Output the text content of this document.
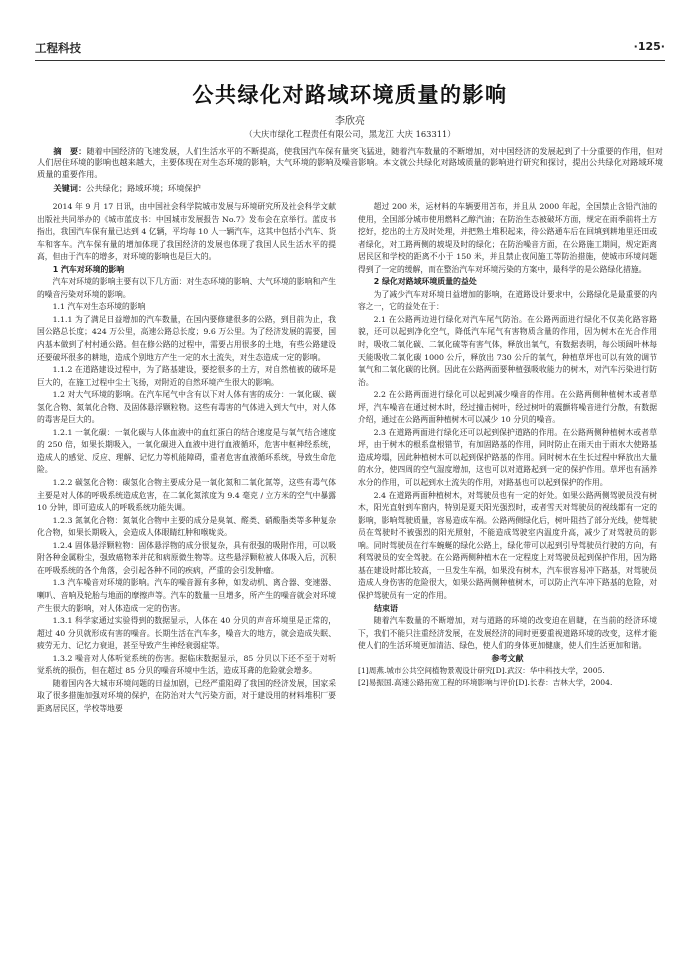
工程科技	·125·
公共绿化对路域环境质量的影响
李欣亮
（大庆市绿化工程责任有限公司，黑龙江 大庆 163311）
摘　要：随着中国经济的飞速发展，人们生活水平的不断提高，使我国汽车保有量突飞猛进，随着汽车数量的不断增加，对中国经济的发展起到了十分重要的作用，但对人们居住环境的影响也越来越大，主要体现在对生态环境的影响，大气环境的影响及噪音影响。本文就公共绿化对路域质量的影响进行研究和探讨，提出公共绿化对路域环境质量的重要作用。
关键词：公共绿化；路域环境；环境保护

2014 年 9 月 17 日讯，由中国社会科学院城市发展与环境研究所及社会科学文献出版社共同举办的《城市蓝皮书：中国城市发展报告 No.7》发布会在京举行。蓝皮书指出，我国汽车保有量已达到 4 亿辆，平均每 10 人一辆汽车，这其中包括小汽车、货车和客车。汽车保有量的增加体现了我国经济的发展也体现了我国人民生活水平的提高，但由于汽车的增多，对环境的影响也是巨大的。

1 汽车对环境的影响

汽车对环境的影响主要有以下几方面：对生态环境的影响、大气环境的影响和产生的噪音污染对环境的影响。

1.1 汽车对生态环境的影响

1.1.1 为了满足日益增加的汽车数量，在国内要修建很多的公路，到目前为止，我国公路总长度；424 万公里，高速公路总长度；9.6 万公里。为了经济发展的需要，国内基本做到了村村通公路。但在修公路的过程中，需要占用很多的土地，有些公路建设还要破坏很多的耕地，造成个别地方产生一定的水土流失，对生态造成一定的影响。

1.1.2 在道路建设过程中，为了路基建设，要挖很多的土方，对自然植被的破坏是巨大的，在施工过程中尘土飞扬，对附近的自然环境产生很大的影响。

1.2 对大气环境的影响。在汽车尾气中含有以下对人体有害的成分：一氧化碳、碳氢化合物、氮氧化合物、及固体悬浮颗粒物。这些有毒害的气体进入到大气中，对人体的毒害是巨大的。

1.2.1 一氧化碳：一氧化碳与人体血液中的血红蛋白的结合速度是与氧气结合速度的 250 倍，如果长期吸入，一氧化碳进入血液中进行血液循环，危害中枢神经系统，造成人的感觉、反应、理解、记忆力等机能障碍，重者危害血液循环系统，导致生命危险。

1.2.2 碳氢化合物：碳氢化合物主要成分是一氧化氮和二氧化氮等，这些有毒气体主要是对人体的呼吸系统造成危害，在二氧化氮浓度为 9.4 毫克 / 立方米的空气中暴露 10 分钟，即可造成人的呼吸系统功能失调。

1.2.3 氮氧化合物：氮氧化合物中主要的成分是臭氧、醛类、硝酸脂类等多种复杂化合物，如果长期吸入，会造成人体眼睛红肿和喉咙炎。

1.2.4 固体悬浮颗粒物：固体悬浮物的成分很复杂，具有很强的吸附作用，可以吸附各种金属粉尘，强致癌物苯并芘和病原微生物等。这些悬浮颗粒被人体吸入后，沉积在呼吸系统的各个角落，会引起各种不同的疾病，严重的会引发肿瘤。

1.3 汽车噪音对环境的影响。汽车的噪音源有多种，如发动机、离合器、变速器、喇叭、音响及轮胎与地面的摩擦声等。汽车的数量一旦增多，所产生的噪音就会对环境产生很大的影响，对人体造成一定的伤害。

1.3.1 科学家通过实验得到的数据显示，人体在 40 分贝的声音环境里是正常的，超过 40 分贝就形成有害的噪音。长期生活在汽车多，噪音大的地方，就会造成失眠、疲劳无力、记忆力衰退，甚至导致产生神经衰弱症等。

1.3.2 噪音对人体听觉系统的伤害。据临床数据显示，85 分贝以下还不至于对听觉系统的损伤，但在超过 85 分贝的噪音环境中生活，造成耳聋的危险就会增多。

随着国内各大城市环境问题的日益加剧，已经严重阻碍了我国的经济发展，国家采取了很多措施加强对环境的保护，在防治对大气污染方面，对于建设用的材料堆积厂要距离居民区，学校等地要

超过 200 米，运材料的车辆要用苫布，并且从 2000 年起，全国禁止含铅汽油的使用，全国部分城市使用燃料乙醇汽油；在防治生态被破坏方面，规定在雨季前将土方挖好，挖出的土方及时处理，并把熟土堆积起来，待公路通车后在回填到耕地里还田或者绿化，对工路两侧的坡堤及时的绿化；在防治噪音方面，在公路施工期间，规定距离居民区和学校的距离不小于 150 米，并且禁止夜间施工等防治措施，使城市环境问题得到了一定的缓解，而在整治汽车对环境污染的方案中，最科学的是公路绿化措施。

2 绿化对路域环境质量的益处

为了减少汽车对环境日益增加的影响，在道路设计要求中，公路绿化是最重要的内容之一，它的益处在于：

2.1 在公路两边进行绿化对汽车尾气防治。在公路两面进行绿化不仅美化路容路貌，还可以起到净化空气，降低汽车尾气有害物质含量的作用，因为树木在光合作用时，吸收二氧化碳、二氧化硫等有害气体，释放出氧气，有数据表明，每公顷阔叶林每天能吸收二氧化碳 1000 公斤，释放出 730 公斤的氧气，种植草坪也可以有效的调节氧气和二氧化碳的比例。因此在公路两面要种植强吸收能力的树木，对汽车污染进行防治。

2.2 在公路两面进行绿化可以起到减少噪音的作用。在公路两侧种植树木或者草坪，汽车噪音在通过树木时，经过撞击树叶，经过树叶的震颤将噪音进行分散，有数据介绍，通过在公路两面种植树木可以减少 10 分贝的噪音。

2.3 在道路两面进行绿化还可以起到保护道路的作用。在公路两侧种植树木或者草坪，由于树木的根系盘根错节，有加固路基的作用，同时防止在雨天由于雨水大使路基造成垮塌，因此种植树木可以起到保护路基的作用。同时树木在生长过程中释放出大量的水分，使四周的空气湿度增加，这也可以对道路起到一定的保护作用。草坪也有涵养水分的作用，可以起到水土流失的作用，对路基也可以起到保护的作用。

2.4 在道路两面种植树木，对驾驶员也有一定的好处。如果公路两侧驾驶员没有树木，阳光直射到车窗内，特别是夏天阳光强烈时，或者雪天对驾驶员的视线都有一定的影响，影响驾驶质量，容易造成车祸。公路两侧绿化后，树叶阻挡了部分光线，使驾驶员在驾驶时不被强烈的阳光照射，不能造成驾驶室内温度升高，减少了对驾驶员的影响。同时驾驶员在行车蜿蜒的绿化公路上，绿化带可以起到引导驾驶员行驶的方向，有利驾驶员的安全驾驶。在公路两侧种植木在一定程度上对驾驶员起到保护作用，因为路基在建设时都比较高，一旦发生车祸，如果没有树木，汽车很容易冲下路基，对驾驶员造成人身伤害的危险很大，如果公路两侧种植树木，可以防止汽车冲下路基的危险，对保护驾驶员有一定的作用。

结束语

随着汽车数量的不断增加，对与道路的环境的改变迫在眉睫，在当前的经济环境下，我们不能只注重经济发展，在发展经济的同时更要重视道路环境的改变，这样才能使人们的生活环境更加清洁、绿色，使人们的身体更加健康，使人们生活更加和谐。

参考文献

[1]周燕.城市公共空间植物景观设计研究[D].武汉：华中科技大学，2005.

[2]易振国.高速公路拓宽工程的环境影响与评价[D].长春：吉林大学，2004.
